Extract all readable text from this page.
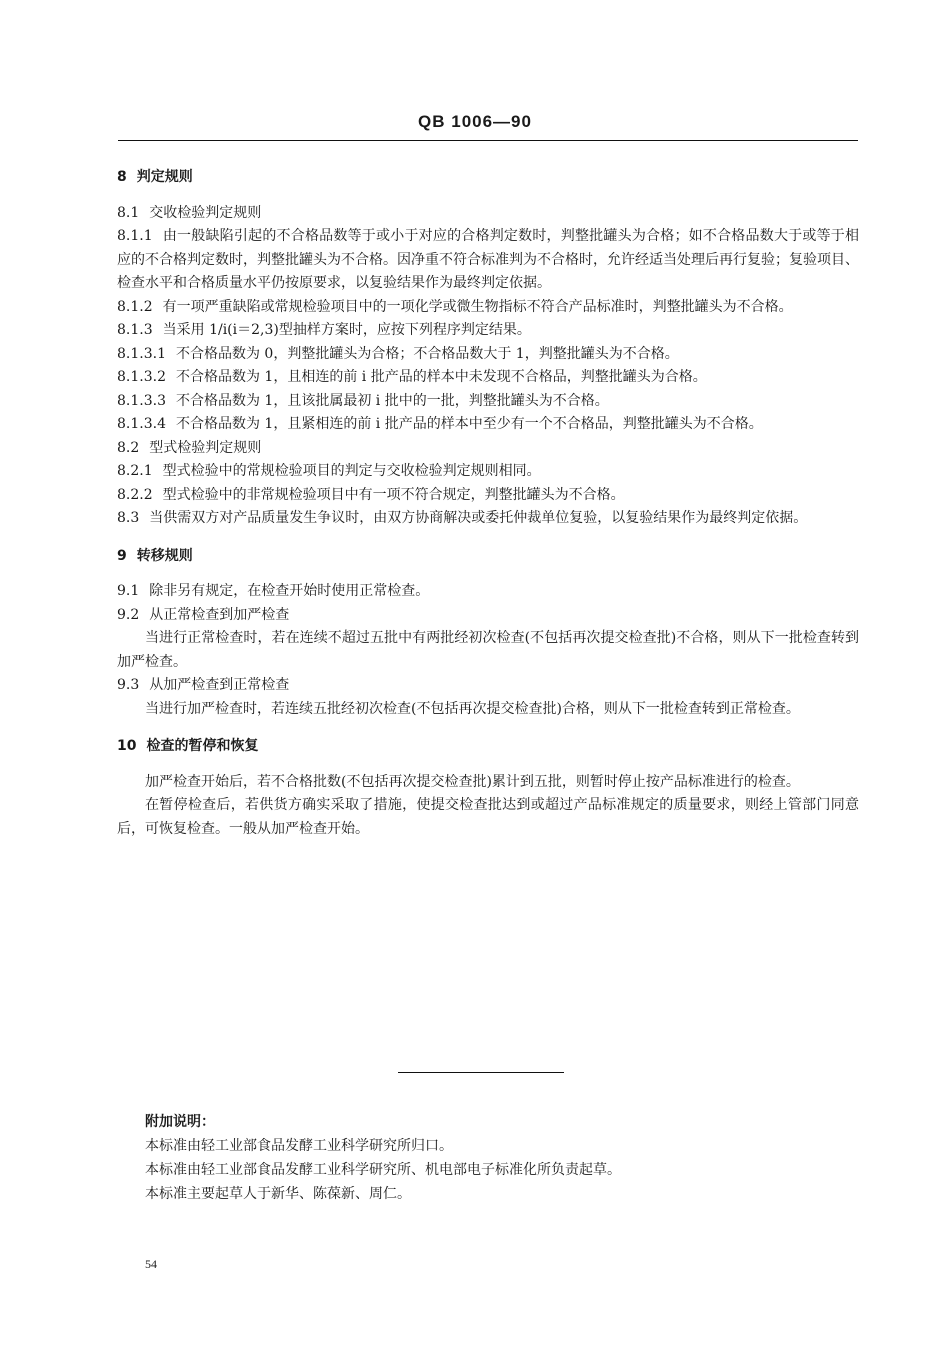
QB 1006—90

8 判定规则

8.1 交收检验判定规则

8.1.1 由一般缺陷引起的不合格品数等于或小于对应的合格判定数时，判整批罐头为合格；如不合格品数大于或等于相应的不合格判定数时，判整批罐头为不合格。因净重不符合标准判为不合格时，允许经适当处理后再行复验；复验项目、检查水平和合格质量水平仍按原要求，以复验结果作为最终判定依据。

8.1.2 有一项严重缺陷或常规检验项目中的一项化学或微生物指标不符合产品标准时，判整批罐头为不合格。

8.1.3 当采用 1/i(i＝2,3)型抽样方案时，应按下列程序判定结果。

8.1.3.1 不合格品数为 0，判整批罐头为合格；不合格品数大于 1，判整批罐头为不合格。

8.1.3.2 不合格品数为 1，且相连的前 i 批产品的样本中未发现不合格品，判整批罐头为合格。

8.1.3.3 不合格品数为 1，且该批属最初 i 批中的一批，判整批罐头为不合格。

8.1.3.4 不合格品数为 1，且紧相连的前 i 批产品的样本中至少有一个不合格品，判整批罐头为不合格。

8.2 型式检验判定规则

8.2.1 型式检验中的常规检验项目的判定与交收检验判定规则相同。

8.2.2 型式检验中的非常规检验项目中有一项不符合规定，判整批罐头为不合格。

8.3 当供需双方对产品质量发生争议时，由双方协商解决或委托仲裁单位复验，以复验结果作为最终判定依据。

9 转移规则

9.1 除非另有规定，在检查开始时使用正常检查。

9.2 从正常检查到加严检查

当进行正常检查时，若在连续不超过五批中有两批经初次检查(不包括再次提交检查批)不合格，则从下一批检查转到加严检查。

9.3 从加严检查到正常检查

当进行加严检查时，若连续五批经初次检查(不包括再次提交检查批)合格，则从下一批检查转到正常检查。

10 检查的暂停和恢复

加严检查开始后，若不合格批数(不包括再次提交检查批)累计到五批，则暂时停止按产品标准进行的检查。

在暂停检查后，若供货方确实采取了措施，使提交检查批达到或超过产品标准规定的质量要求，则经上管部门同意后，可恢复检查。一般从加严检查开始。

附加说明：

本标准由轻工业部食品发酵工业科学研究所归口。

本标准由轻工业部食品发酵工业科学研究所、机电部电子标准化所负责起草。

本标准主要起草人于新华、陈葆新、周仁。

54
